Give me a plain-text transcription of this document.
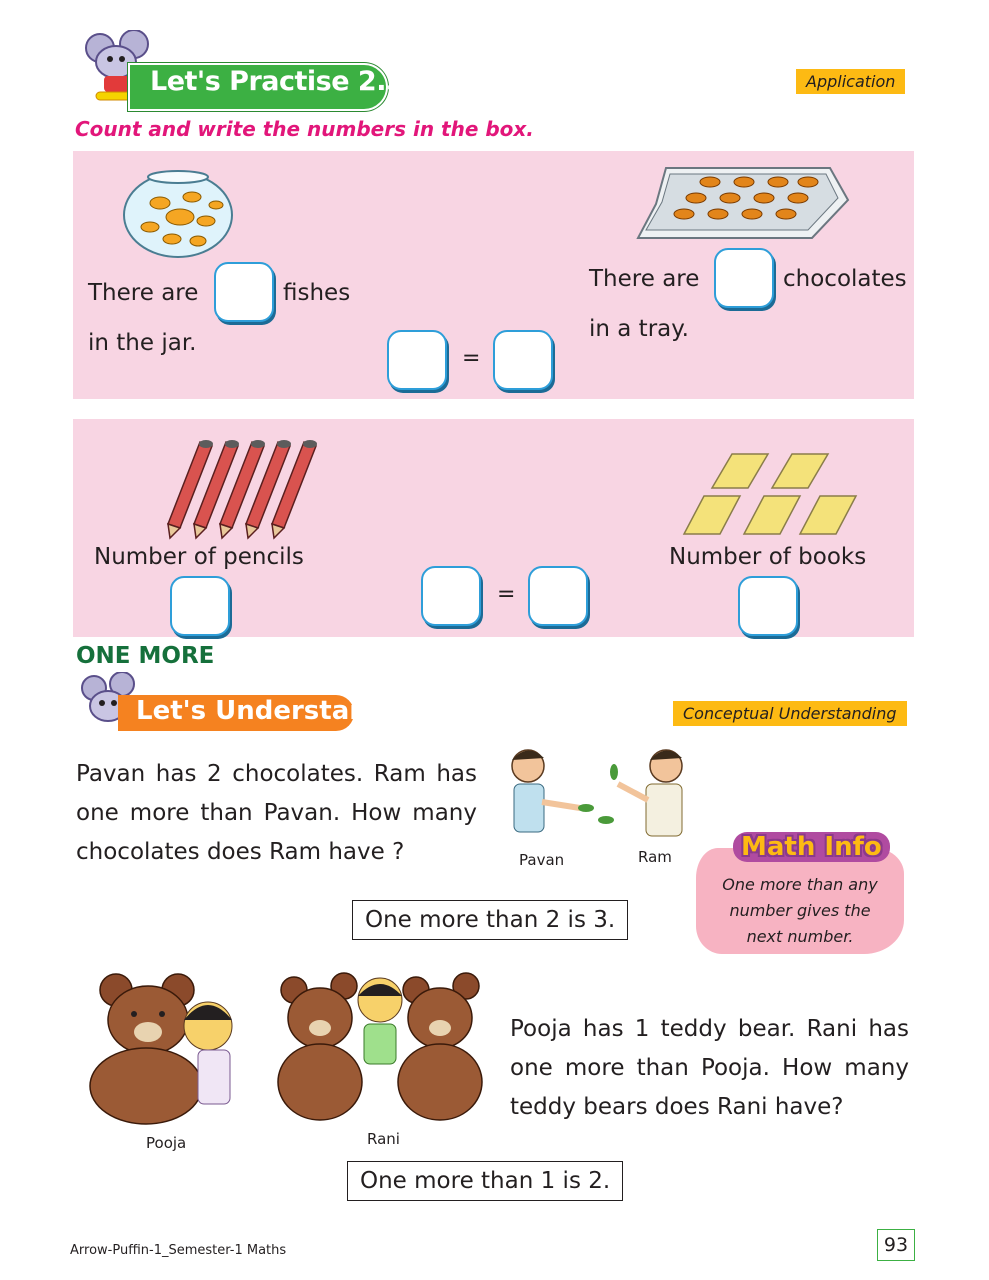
Let's Practise 2.5	Application
Count and write the numbers in the box.
There are	fishes
in the jar.
There are	chocolates
in a tray.
=
Number of pencils	Number of books
=
ONE MORE
Let's Understand	Conceptual Understanding
Pavan has 2 chocolates. Ram has one more than Pavan. How many chocolates does Ram have ?	Pavan	Ram
One more than 2 is 3.
Math Info
One more than any number gives the next number.
Pooja	Rani
Pooja has 1 teddy bear. Rani has one more than Pooja. How many teddy bears does Rani have?
One more than 1 is 2.
Arrow-Puffin-1_Semester-1 Maths	93
